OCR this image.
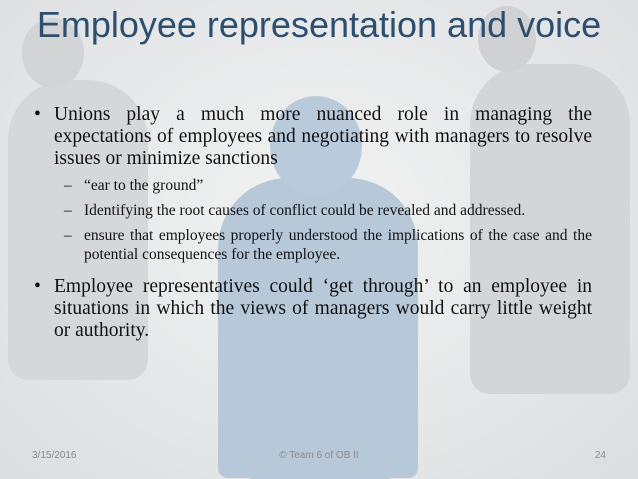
Employee representation and voice
• Unions play a much more nuanced role in managing the expectations of employees and negotiating with managers to resolve issues or minimize sanctions
– “ear to the ground”
– Identifying the root causes of conflict could be revealed and addressed.
– ensure that employees properly understood the implications of the case and the potential consequences for the employee.
• Employee representatives could ‘get through’ to an employee in situations in which the views of managers would carry little weight or authority.
3/15/2016	© Team 6 of OB II	24
